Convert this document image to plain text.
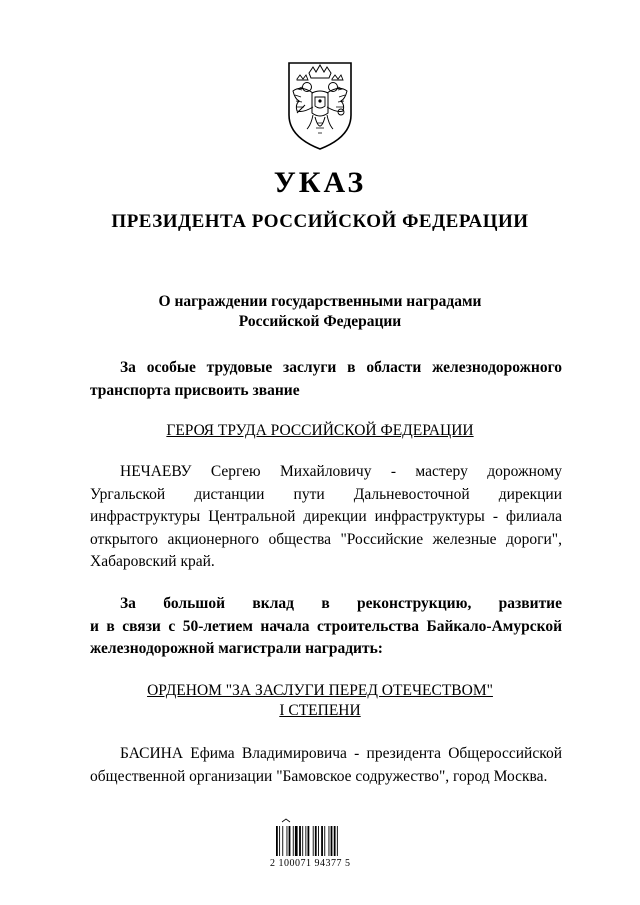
УКАЗ
ПРЕЗИДЕНТА РОССИЙСКОЙ ФЕДЕРАЦИИ
О награждении государственными наградами
Российской Федерации
За особые трудовые заслуги в области железнодорожного
транспорта присвоить звание
ГЕРОЯ ТРУДА РОССИЙСКОЙ ФЕДЕРАЦИИ
НЕЧАЕВУ Сергею Михайловичу - мастеру дорожному
Ургальской дистанции пути Дальневосточной дирекции
инфраструктуры Центральной дирекции инфраструктуры - филиала
открытого акционерного общества "Российские железные дороги",
Хабаровский край.
За большой вклад в реконструкцию, развитие
и в связи с 50-летием начала строительства Байкало-Амурской
железнодорожной магистрали наградить:
ОРДЕНОМ "ЗА ЗАСЛУГИ ПЕРЕД ОТЕЧЕСТВОМ"
I СТЕПЕНИ
БАСИНА Ефима Владимировича - президента Общероссийской
общественной организации "Бамовское содружество", город Москва.
2 100071 94377 5
